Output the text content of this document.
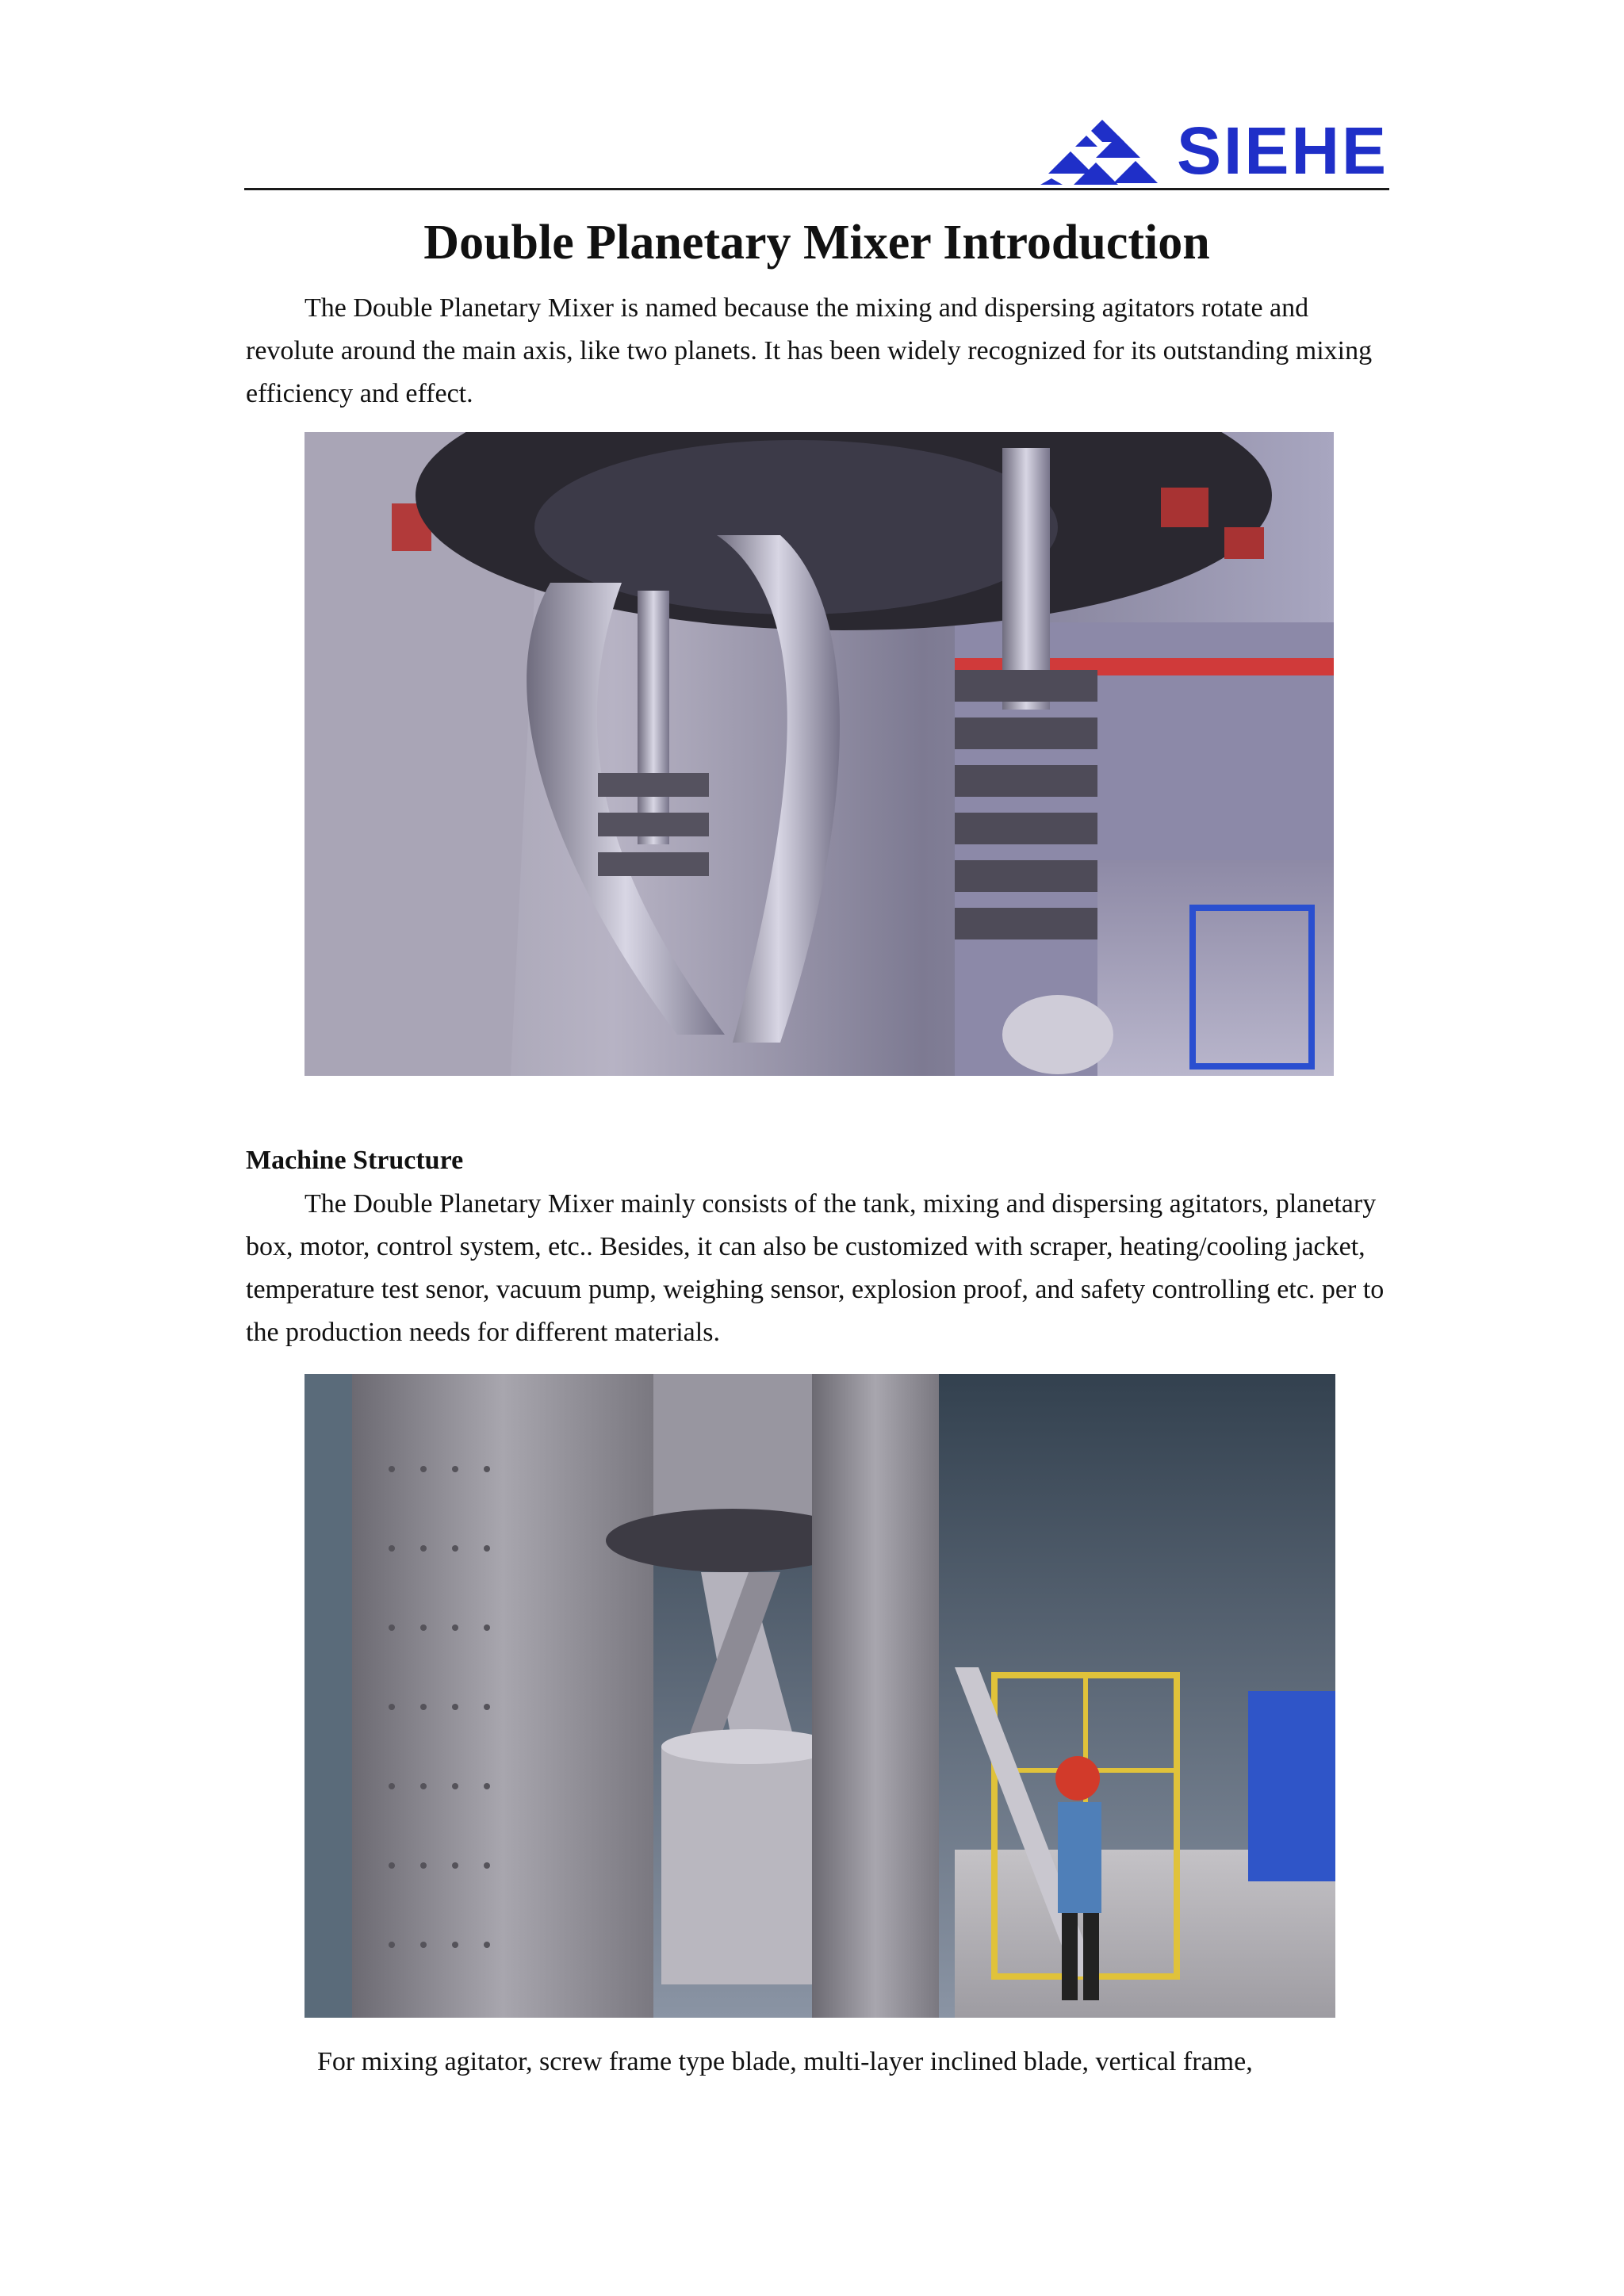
SIEHE
Double Planetary Mixer Introduction

The Double Planetary Mixer is named because the mixing and dispersing agitators rotate and revolute around the main axis, like two planets. It has been widely recognized for its outstanding mixing efficiency and effect.

Machine Structure

The Double Planetary Mixer mainly consists of the tank, mixing and dispersing agitators, planetary box, motor, control system, etc.. Besides, it can also be customized with scraper, heating/cooling jacket, temperature test senor, vacuum pump, weighing sensor, explosion proof, and safety controlling etc. per to the production needs for different materials.

For mixing agitator, screw frame type blade, multi-layer inclined blade, vertical frame,
